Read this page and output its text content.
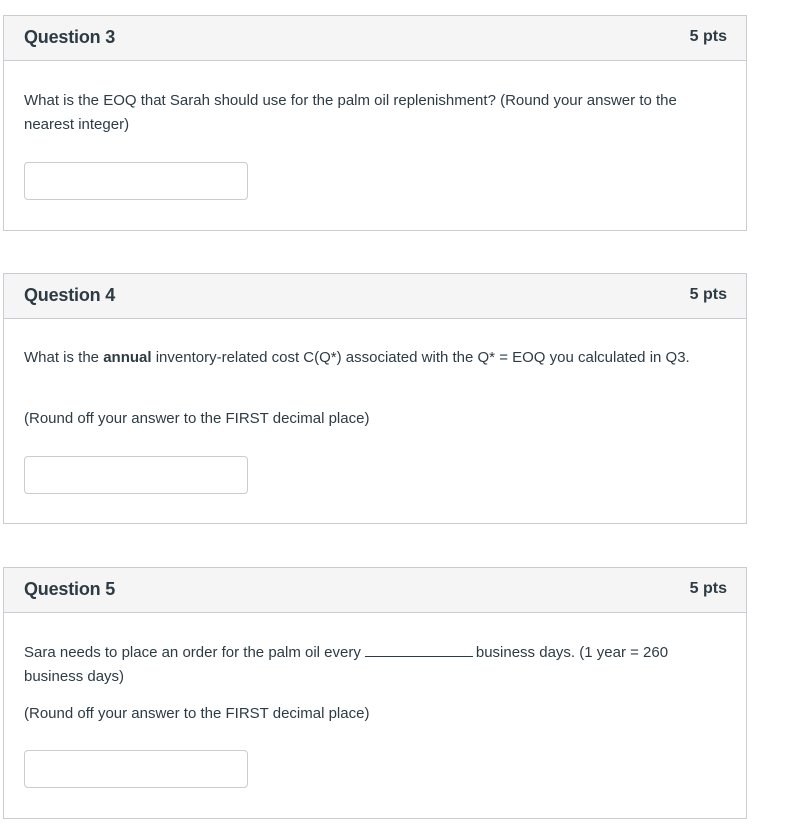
Question 3	5 pts

What is the EOQ that Sarah should use for the palm oil replenishment? (Round your answer to the nearest integer)

Question 4	5 pts

What is the annual inventory-related cost C(Q*) associated with the Q* = EOQ you calculated in Q3.

(Round off your answer to the FIRST decimal place)

Question 5	5 pts

Sara needs to place an order for the palm oil every	business days. (1 year = 260 business days)

(Round off your answer to the FIRST decimal place)
